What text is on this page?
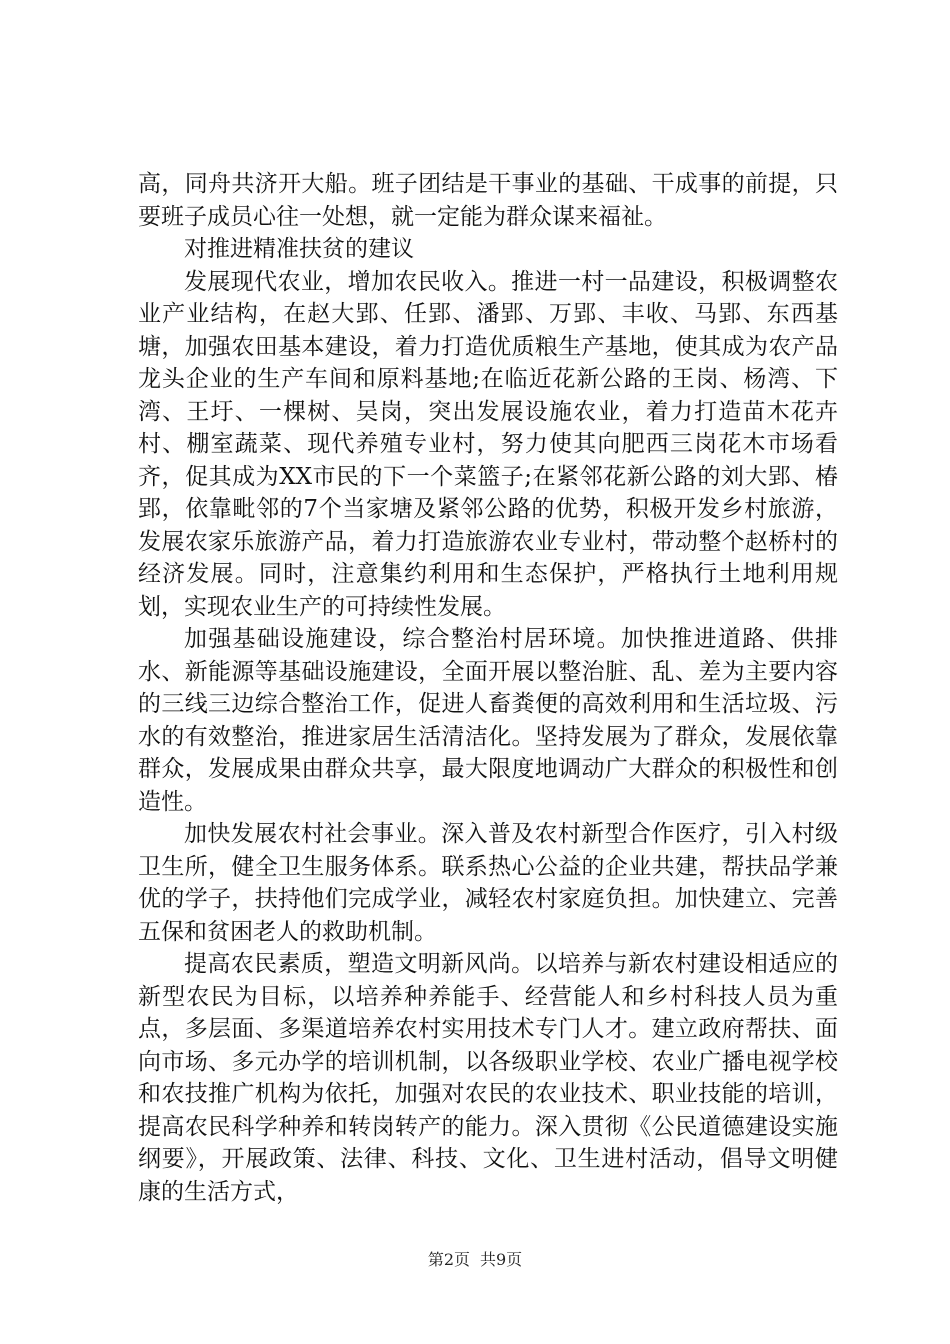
高，同舟共济开大船。班子团结是干事业的基础、干成事的前提，只要班子成员心往一处想，就一定能为群众谋来福祉。

对推进精准扶贫的建议

发展现代农业，增加农民收入。推进一村一品建设，积极调整农业产业结构，在赵大郢、任郢、潘郢、万郢、丰收、马郢、东西基塘，加强农田基本建设，着力打造优质粮生产基地，使其成为农产品龙头企业的生产车间和原料基地;在临近花新公路的王岗、杨湾、下湾、王圩、一棵树、吴岗，突出发展设施农业，着力打造苗木花卉村、棚室蔬菜、现代养殖专业村，努力使其向肥西三岗花木市场看齐，促其成为XX市民的下一个菜篮子;在紧邻花新公路的刘大郢、椿郢，依靠毗邻的7个当家塘及紧邻公路的优势，积极开发乡村旅游，发展农家乐旅游产品，着力打造旅游农业专业村，带动整个赵桥村的经济发展。同时，注意集约利用和生态保护，严格执行土地利用规划，实现农业生产的可持续性发展。

加强基础设施建设，综合整治村居环境。加快推进道路、供排水、新能源等基础设施建设，全面开展以整治脏、乱、差为主要内容的三线三边综合整治工作，促进人畜粪便的高效利用和生活垃圾、污水的有效整治，推进家居生活清洁化。坚持发展为了群众，发展依靠群众，发展成果由群众共享，最大限度地调动广大群众的积极性和创造性。

加快发展农村社会事业。深入普及农村新型合作医疗，引入村级卫生所，健全卫生服务体系。联系热心公益的企业共建，帮扶品学兼优的学子，扶持他们完成学业，减轻农村家庭负担。加快建立、完善五保和贫困老人的救助机制。

提高农民素质，塑造文明新风尚。以培养与新农村建设相适应的新型农民为目标，以培养种养能手、经营能人和乡村科技人员为重点，多层面、多渠道培养农村实用技术专门人才。建立政府帮扶、面向市场、多元办学的培训机制，以各级职业学校、农业广播电视学校和农技推广机构为依托，加强对农民的农业技术、职业技能的培训，提高农民科学种养和转岗转产的能力。深入贯彻《公民道德建设实施纲要》，开展政策、法律、科技、文化、卫生进村活动，倡导文明健康的生活方式，

第2页 共9页
